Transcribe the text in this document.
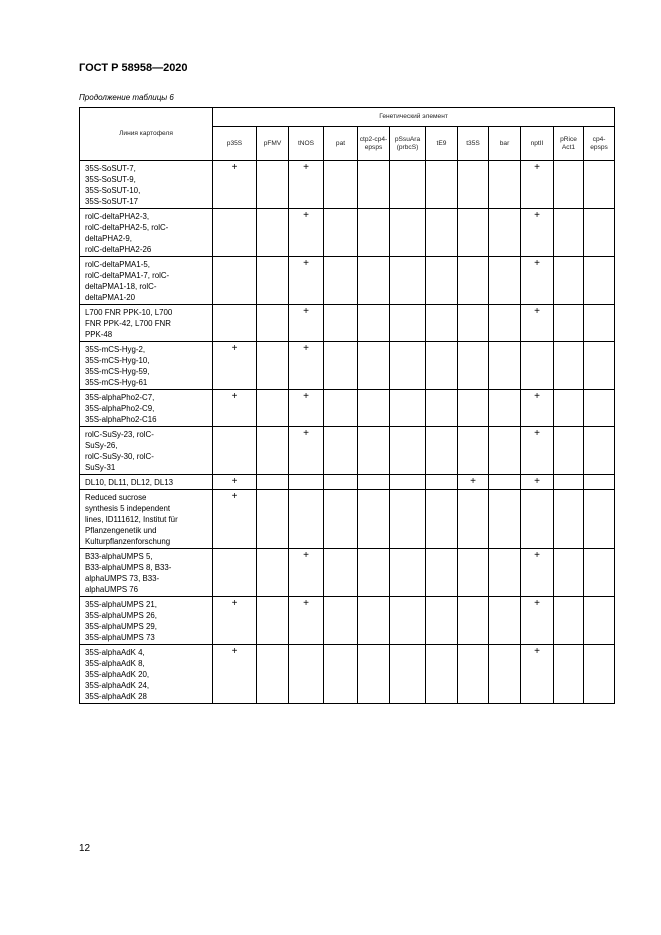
ГОСТ Р 58958—2020
Продолжение таблицы 6
Линия картофеля	Генетический элемент											
	p35S	pFMV	tNOS	pat	ctp2-cp4-epsps	pSsuAra (prbcS)	tE9	t35S	bar	nptII	pRice Act1	cp4-epsps
35S-SoSUT-7,
35S-SoSUT-9,
35S-SoSUT-10,
35S-SoSUT-17	+		+							+		
rolC-deltaPHA2-3,
rolC-deltaPHA2-5, rolC-
deltaPHA2-9,
rolC-deltaPHA2-26			+							+		
rolC-deltaPMA1-5,
rolC-deltaPMA1-7, rolC-
deltaPMA1-18, rolC-
deltaPMA1-20			+							+		
L700 FNR PPK-10, L700
FNR PPK-42, L700 FNR
PPK-48			+							+		
35S-mCS-Hyg-2,
35S-mCS-Hyg-10,
35S-mCS-Hyg-59,
35S-mCS-Hyg-61	+		+									
35S-alphaPho2-C7,
35S-alphaPho2-C9,
35S-alphaPho2-C16	+		+							+		
rolC-SuSy-23, rolC-
SuSy-26,
rolC-SuSy-30, rolC-
SuSy-31			+							+		
DL10, DL11, DL12, DL13	+							+		+		
Reduced sucrose
synthesis 5 independent
lines, ID111612, Institut für
Pflanzengenetik und
Kulturpflanzenforschung	+											
B33-alphaUMPS 5,
B33-alphaUMPS 8, B33-
alphaUMPS 73, B33-
alphaUMPS 76			+							+		
35S-alphaUMPS 21,
35S-alphaUMPS 26,
35S-alphaUMPS 29,
35S-alphaUMPS 73	+		+							+		
35S-alphaAdK 4,
35S-alphaAdK 8,
35S-alphaAdK 20,
35S-alphaAdK 24,
35S-alphaAdK 28	+									+		
12
